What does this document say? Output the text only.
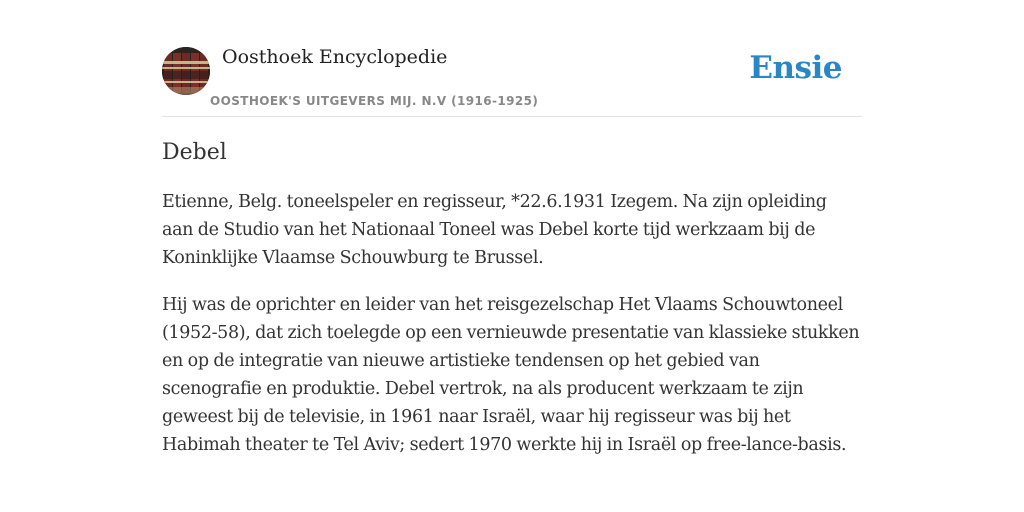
Oosthoek Encyclopedie
OOSTHOEK'S UITGEVERS MIJ. N.V (1916-1925)
Ensie
Debel

Etienne, Belg. toneelspeler en regisseur, *22.6.1931 Izegem. Na zijn opleiding aan de Studio van het Nationaal Toneel was Debel korte tijd werkzaam bij de Koninklijke Vlaamse Schouwburg te Brussel.

Hij was de oprichter en leider van het reisgezelschap Het Vlaams Schouwtoneel (1952-58), dat zich toelegde op een vernieuwde presentatie van klassieke stukken en op de integratie van nieuwe artistieke tendensen op het gebied van scenografie en produktie. Debel vertrok, na als producent werkzaam te zijn geweest bij de televisie, in 1961 naar Israël, waar hij regisseur was bij het Habimah theater te Tel Aviv; sedert 1970 werkte hij in Israël op free-lance-basis.
